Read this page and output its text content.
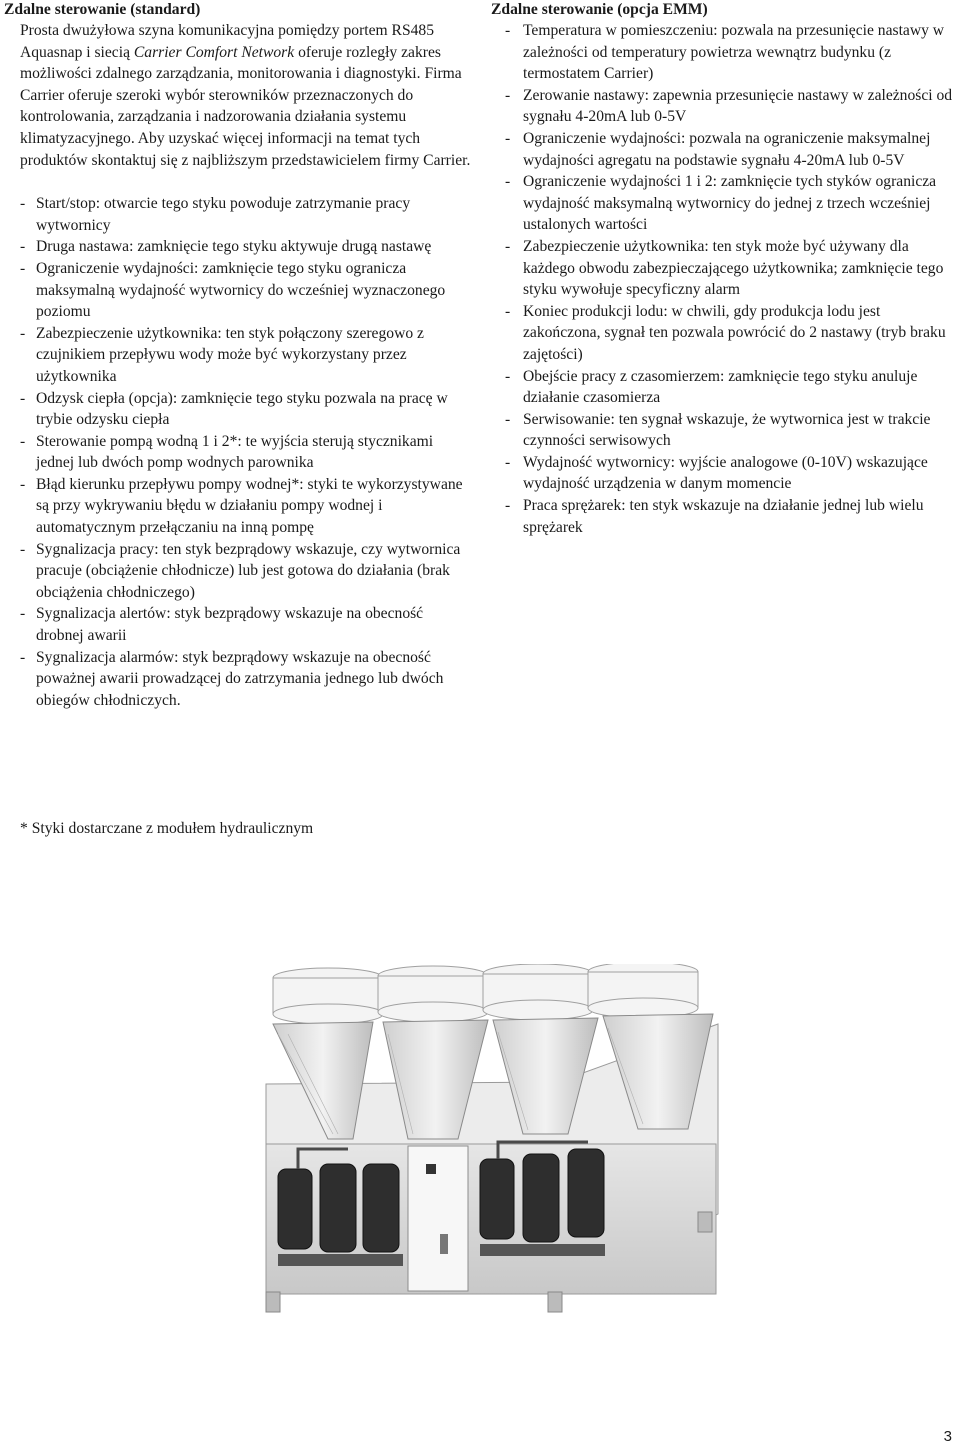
Zdalne sterowanie (standard)

Prosta dwużyłowa szyna komunikacyjna pomiędzy portem RS485 Aquasnap i siecią Carrier Comfort Network oferuje rozległy zakres możliwości zdalnego zarządzania, monitorowania i diagnostyki. Firma Carrier oferuje szeroki wybór sterowników przeznaczonych do kontrolowania, zarządzania i nadzorowania działania systemu klimatyzacyjnego. Aby uzyskać więcej informacji na temat tych produktów skontaktuj się z najbliższym przedstawicielem firmy Carrier.

- Start/stop: otwarcie tego styku powoduje zatrzymanie pracy wytwornicy
- Druga nastawa: zamknięcie tego styku aktywuje drugą nastawę
- Ograniczenie wydajności: zamknięcie tego styku ogranicza maksymalną wydajność wytwornicy do wcześniej wyznaczonego poziomu
- Zabezpieczenie użytkownika: ten styk połączony szeregowo z czujnikiem przepływu wody może być wykorzystany przez użytkownika
- Odzysk ciepła (opcja): zamknięcie tego styku pozwala na pracę w trybie odzysku ciepła
- Sterowanie pompą wodną 1 i 2*: te wyjścia sterują stycznikami jednej lub dwóch pomp wodnych parownika
- Błąd kierunku przepływu pompy wodnej*: styki te wykorzystywane są przy wykrywaniu błędu w działaniu pompy wodnej i automatycznym przełączaniu na inną pompę
- Sygnalizacja pracy: ten styk bezprądowy wskazuje, czy wytwornica pracuje (obciążenie chłodnicze) lub jest gotowa do działania (brak obciążenia chłodniczego)
- Sygnalizacja alertów: styk bezprądowy wskazuje na obecność drobnej awarii
- Sygnalizacja alarmów: styk bezprądowy wskazuje na obecność poważnej awarii prowadzącej do zatrzymania jednego lub dwóch obiegów chłodniczych.
Zdalne sterowanie (opcja EMM)
- Temperatura w pomieszczeniu: pozwala na przesunięcie nastawy w zależności od temperatury powietrza wewnątrz budynku (z termostatem Carrier)
- Zerowanie nastawy: zapewnia przesunięcie nastawy w zależności od sygnału 4-20mA lub 0-5V
- Ograniczenie wydajności: pozwala na ograniczenie maksymalnej wydajności agregatu na podstawie sygnału 4-20mA lub 0-5V
- Ograniczenie wydajności 1 i 2: zamknięcie tych styków ogranicza wydajność maksymalną wytwornicy do jednej z trzech wcześniej ustalonych wartości
- Zabezpieczenie użytkownika: ten styk może być używany dla każdego obwodu zabezpieczającego użytkownika; zamknięcie tego styku wywołuje specyficzny alarm
- Koniec produkcji lodu: w chwili, gdy produkcja lodu jest zakończona, sygnał ten pozwala powrócić do 2 nastawy (tryb braku zajętości)
- Obejście pracy z czasomierzem: zamknięcie tego styku anuluje działanie czasomierza
- Serwisowanie: ten sygnał wskazuje, że wytwornica jest w trakcie czynności serwisowych
- Wydajność wytwornicy: wyjście analogowe (0-10V) wskazujące wydajność urządzenia w danym momencie
- Praca sprężarek: ten styk wskazuje na działanie jednej lub wielu sprężarek
* Styki dostarczane z modułem hydraulicznym
3
